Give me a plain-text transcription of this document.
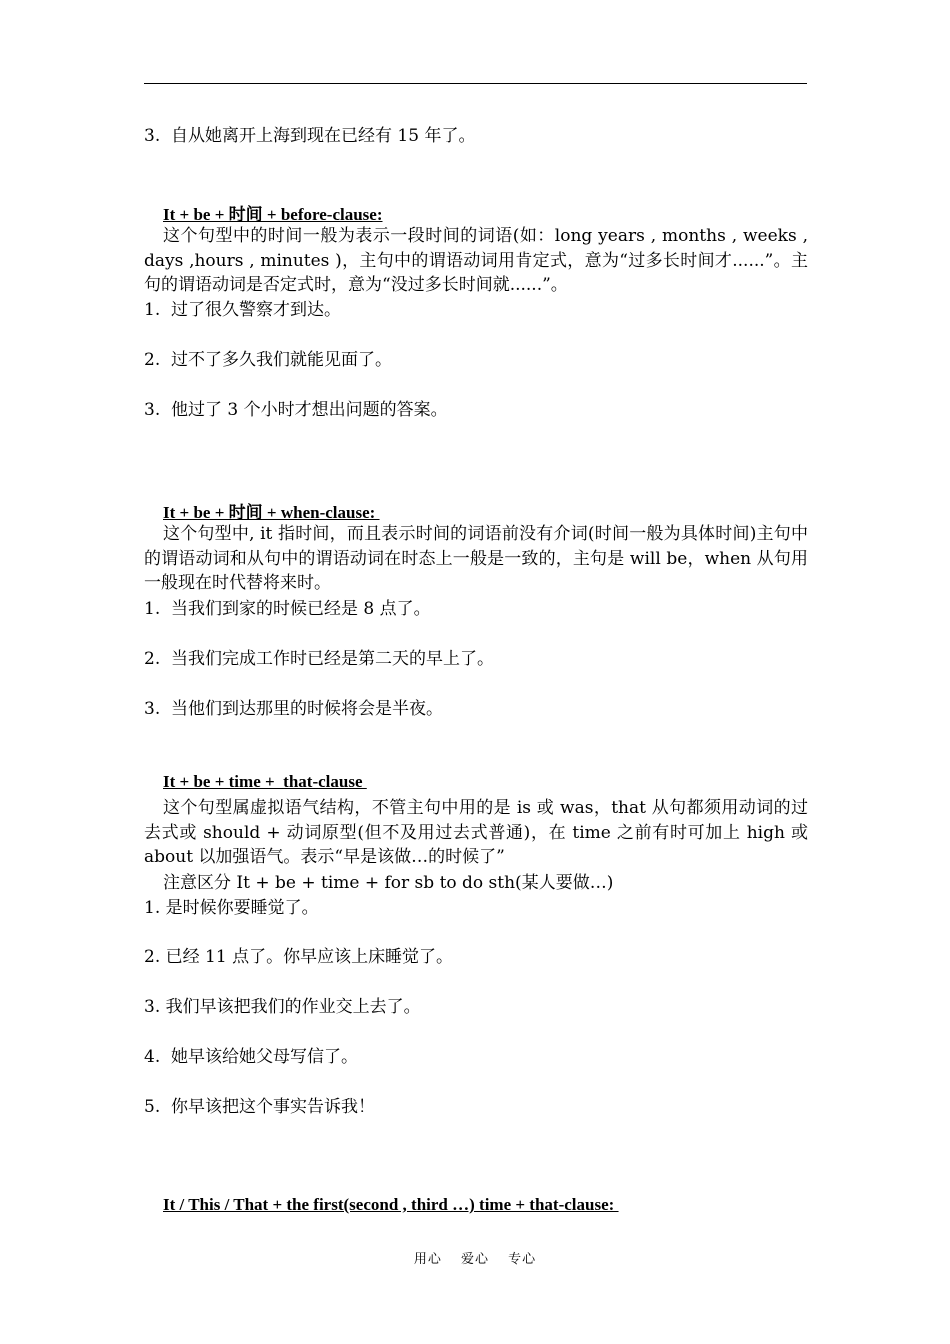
3.  自从她离开上海到现在已经有 15 年了。
It + be + 时间 + before-clause:
这个句型中的时间一般为表示一段时间的词语(如：long years , months , weeks , days ,hours , minutes )，主句中的谓语动词用肯定式，意为“过多长时间才......”。主句的谓语动词是否定式时，意为“没过多长时间就......”。
1.  过了很久警察才到达。
2.  过不了多久我们就能见面了。
3.  他过了 3 个小时才想出问题的答案。
It + be + 时间 + when-clause:
这个句型中, it 指时间，而且表示时间的词语前没有介词(时间一般为具体时间)主句中的谓语动词和从句中的谓语动词在时态上一般是一致的，主句是 will be，when 从句用一般现在时代替将来时。
1.  当我们到家的时候已经是 8 点了。
2.  当我们完成工作时已经是第二天的早上了。
3.  当他们到达那里的时候将会是半夜。
It + be + time +  that-clause
这个句型属虚拟语气结构，不管主句中用的是 is 或 was，that 从句都须用动词的过去式或 should + 动词原型(但不及用过去式普通)，在 time 之前有时可加上 high 或 about 以加强语气。表示“早是该做…的时候了”
注意区分 It + be + time + for sb to do sth(某人要做…)
1. 是时候你要睡觉了。
2. 已经 11 点了。你早应该上床睡觉了。
3. 我们早该把我们的作业交上去了。
4.  她早该给她父母写信了。
5.  你早该把这个事实告诉我！
It / This / That + the first(second , third …) time + that-clause:
用心 爱心 专心
